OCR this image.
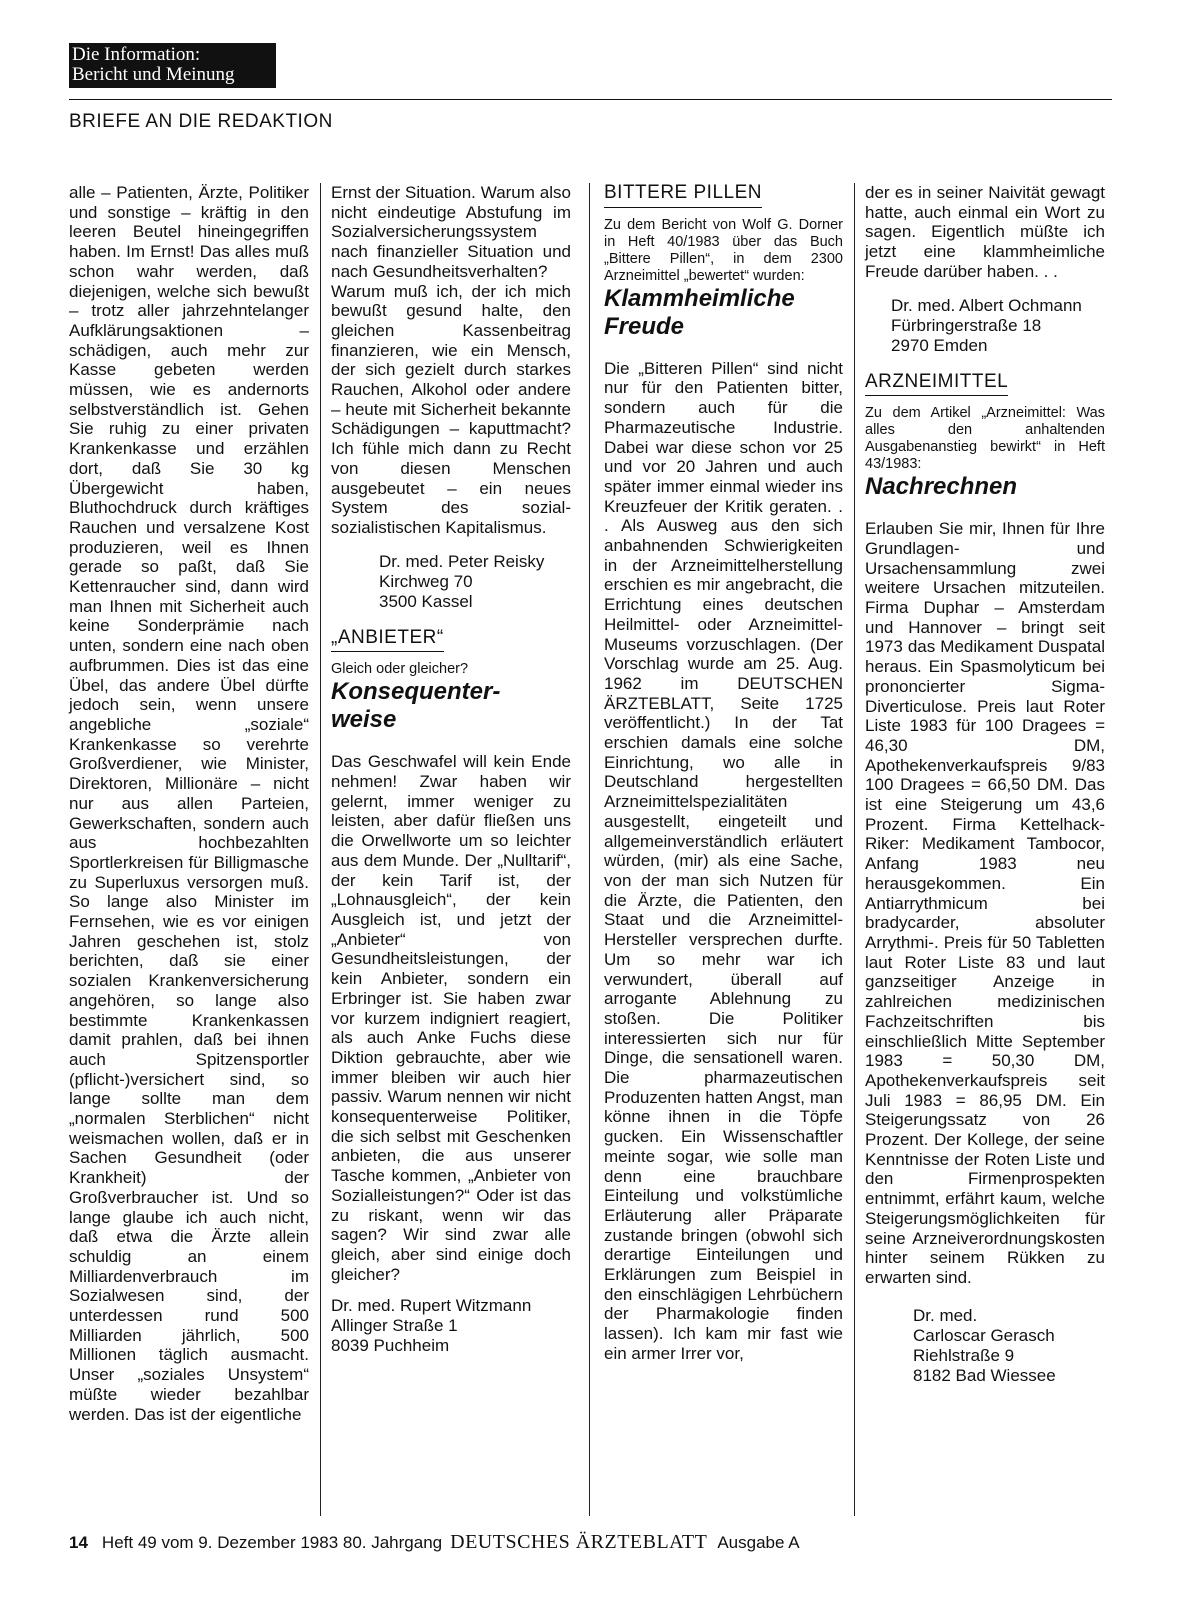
Die Information:
Bericht und Meinung
BRIEFE AN DIE REDAKTION

alle – Patienten, Ärzte, Politiker und sonstige – kräftig in den leeren Beutel hineingegriffen haben. Im Ernst! Das alles muß schon wahr werden, daß diejenigen, welche sich bewußt – trotz aller jahrzehntelanger Aufklärungsaktionen – schädigen, auch mehr zur Kasse gebeten werden müssen, wie es andernorts selbstverständlich ist. Gehen Sie ruhig zu einer privaten Krankenkasse und erzählen dort, daß Sie 30 kg Übergewicht haben, Bluthochdruck durch kräftiges Rauchen und versalzene Kost produzieren, weil es Ihnen gerade so paßt, daß Sie Kettenraucher sind, dann wird man Ihnen mit Sicherheit auch keine Sonderprämie nach unten, sondern eine nach oben aufbrummen. Dies ist das eine Übel, das andere Übel dürfte jedoch sein, wenn unsere angebliche „soziale“ Krankenkasse so verehrte Großverdiener, wie Minister, Direktoren, Millionäre – nicht nur aus allen Parteien, Gewerkschaften, sondern auch aus hochbezahlten Sportlerkreisen für Billigmasche zu Superluxus versorgen muß. So lange also Minister im Fernsehen, wie es vor einigen Jahren geschehen ist, stolz berichten, daß sie einer sozialen Krankenversicherung angehören, so lange also bestimmte Krankenkassen damit prahlen, daß bei ihnen auch Spitzensportler (pflicht-)versichert sind, so lange sollte man dem „normalen Sterblichen“ nicht weismachen wollen, daß er in Sachen Gesundheit (oder Krankheit) der Großverbraucher ist. Und so lange glaube ich auch nicht, daß etwa die Ärzte allein schuldig an einem Milliardenverbrauch im Sozialwesen sind, der unterdessen rund 500 Milliarden jährlich, 500 Millionen täglich ausmacht. Unser „soziales Unsystem“ müßte wieder bezahlbar werden. Das ist der eigentliche

Ernst der Situation. Warum also nicht eindeutige Abstufung im Sozialversicherungssystem nach finanzieller Situation und nach Gesundheitsverhalten?

Warum muß ich, der ich mich bewußt gesund halte, den gleichen Kassenbeitrag finanzieren, wie ein Mensch, der sich gezielt durch starkes Rauchen, Alkohol oder andere – heute mit Sicherheit bekannte Schädigungen – kaputtmacht? Ich fühle mich dann zu Recht von diesen Menschen ausgebeutet – ein neues System des sozial-sozialistischen Kapitalismus.

Dr. med. Peter Reisky
Kirchweg 70
3500 Kassel
„ANBIETER“

Gleich oder gleicher?

Konsequenter-
weise

Das Geschwafel will kein Ende nehmen! Zwar haben wir gelernt, immer weniger zu leisten, aber dafür fließen uns die Orwellworte um so leichter aus dem Munde. Der „Nulltarif“, der kein Tarif ist, der „Lohnausgleich“, der kein Ausgleich ist, und jetzt der „Anbieter“ von Gesundheitsleistungen, der kein Anbieter, sondern ein Erbringer ist. Sie haben zwar vor kurzem indigniert reagiert, als auch Anke Fuchs diese Diktion gebrauchte, aber wie immer bleiben wir auch hier passiv. Warum nennen wir nicht konsequenterweise Politiker, die sich selbst mit Geschenken anbieten, die aus unserer Tasche kommen, „Anbieter von Sozialleistungen?“ Oder ist das zu riskant, wenn wir das sagen? Wir sind zwar alle gleich, aber sind einige doch gleicher?

Dr. med. Rupert Witzmann
Allinger Straße 1
8039 Puchheim
BITTERE PILLEN

Zu dem Bericht von Wolf G. Dorner in Heft 40/1983 über das Buch „Bittere Pillen“, in dem 2300 Arzneimittel „bewertet“ wurden:

Klammheimliche Freude

Die „Bitteren Pillen“ sind nicht nur für den Patienten bitter, sondern auch für die Pharmazeutische Industrie. Dabei war diese schon vor 25 und vor 20 Jahren und auch später immer einmal wieder ins Kreuzfeuer der Kritik geraten. . . Als Ausweg aus den sich anbahnenden Schwierigkeiten in der Arzneimittelherstellung erschien es mir angebracht, die Errichtung eines deutschen Heilmittel- oder Arzneimittel-Museums vorzuschlagen. (Der Vorschlag wurde am 25. Aug. 1962 im DEUTSCHEN ÄRZTEBLATT, Seite 1725 veröffentlicht.) In der Tat erschien damals eine solche Einrichtung, wo alle in Deutschland hergestellten Arzneimittelspezialitäten ausgestellt, eingeteilt und allgemeinverständlich erläutert würden, (mir) als eine Sache, von der man sich Nutzen für die Ärzte, die Patienten, den Staat und die Arzneimittel-Hersteller versprechen durfte. Um so mehr war ich verwundert, überall auf arrogante Ablehnung zu stoßen. Die Politiker interessierten sich nur für Dinge, die sensationell waren. Die pharmazeutischen Produzenten hatten Angst, man könne ihnen in die Töpfe gucken. Ein Wissenschaftler meinte sogar, wie solle man denn eine brauchbare Einteilung und volkstümliche Erläuterung aller Präparate zustande bringen (obwohl sich derartige Einteilungen und Erklärungen zum Beispiel in den einschlägigen Lehrbüchern der Pharmakologie finden lassen). Ich kam mir fast wie ein armer Irrer vor,

der es in seiner Naivität gewagt hatte, auch einmal ein Wort zu sagen. Eigentlich müßte ich jetzt eine klammheimliche Freude darüber haben. . .

Dr. med. Albert Ochmann
Fürbringerstraße 18
2970 Emden
ARZNEIMITTEL

Zu dem Artikel „Arzneimittel: Was alles den anhaltenden Ausgabenanstieg bewirkt“ in Heft 43/1983:

Nachrechnen

Erlauben Sie mir, Ihnen für Ihre Grundlagen- und Ursachensammlung zwei weitere Ursachen mitzuteilen. Firma Duphar – Amsterdam und Hannover – bringt seit 1973 das Medikament Duspatal heraus. Ein Spasmolyticum bei prononcierter Sigma-Diverticulose. Preis laut Roter Liste 1983 für 100 Dragees = 46,30 DM, Apothekenverkaufspreis 9/83 100 Dragees = 66,50 DM. Das ist eine Steigerung um 43,6 Prozent. Firma Kettelhack-Riker: Medikament Tambocor, Anfang 1983 neu herausgekommen. Ein Antiarrythmicum bei bradycarder, absoluter Arrythmi-. Preis für 50 Tabletten laut Roter Liste 83 und laut ganzseitiger Anzeige in zahlreichen medizinischen Fachzeitschriften bis einschließlich Mitte September 1983 = 50,30 DM, Apothekenverkaufspreis seit Juli 1983 = 86,95 DM. Ein Steigerungssatz von 26 Prozent. Der Kollege, der seine Kenntnisse der Roten Liste und den Firmenprospekten entnimmt, erfährt kaum, welche Steigerungsmöglichkeiten für seine Arzneiverordnungskosten hinter seinem Rükken zu erwarten sind.

Dr. med.
Carloscar Gerasch
Riehlstraße 9
8182 Bad Wiessee
14 Heft 49 vom 9. Dezember 1983 80. Jahrgang DEUTSCHES ÄRZTEBLATT Ausgabe A
